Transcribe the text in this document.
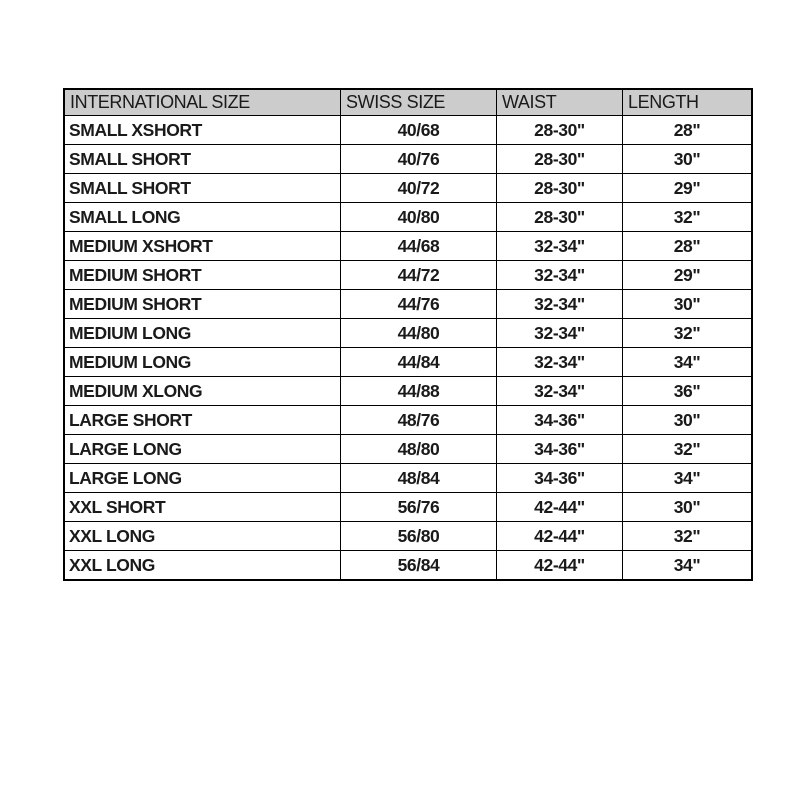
INTERNATIONAL SIZE	SWISS SIZE	WAIST	LENGTH
SMALL XSHORT	40/68	28-30"	28"
SMALL SHORT	40/76	28-30"	30"
SMALL SHORT	40/72	28-30"	29"
SMALL LONG	40/80	28-30"	32"
MEDIUM XSHORT	44/68	32-34"	28"
MEDIUM SHORT	44/72	32-34"	29"
MEDIUM SHORT	44/76	32-34"	30"
MEDIUM LONG	44/80	32-34"	32"
MEDIUM LONG	44/84	32-34"	34"
MEDIUM XLONG	44/88	32-34"	36"
LARGE SHORT	48/76	34-36"	30"
LARGE LONG	48/80	34-36"	32"
LARGE LONG	48/84	34-36"	34"
XXL SHORT	56/76	42-44"	30"
XXL LONG	56/80	42-44"	32"
XXL LONG	56/84	42-44"	34"
